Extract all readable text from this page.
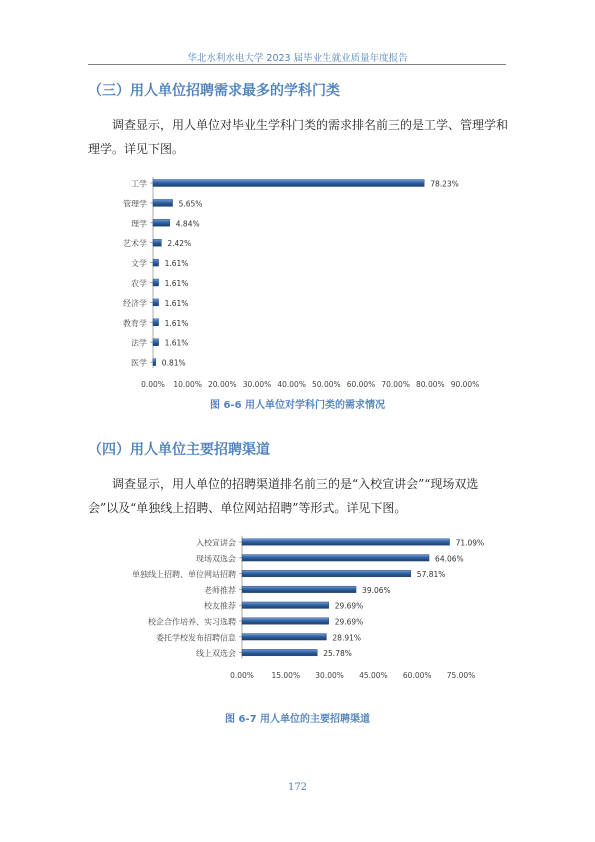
华北水利水电大学 2023 届毕业生就业质量年度报告
（三）用人单位招聘需求最多的学科门类
调查显示，用人单位对毕业生学科门类的需求排名前三的是工学、管理学和理学。详见下图。
工学	78.23%
管理学	5.65%
理学	4.84%
艺术学	2.42%
文学 1.61%
农学 1.61%
经济学 1.61%
教育学 1.61%
法学 1.61%
医学 0.81%
0.00% 10.00% 20.00% 30.00% 40.00% 50.00% 60.00% 70.00% 80.00% 90.00%
图 6-6 用人单位对学科门类的需求情况
（四）用人单位主要招聘渠道
调查显示，用人单位的招聘渠道排名前三的是“入校宣讲会”“现场双选会”以及“单独线上招聘、单位网站招聘”等形式。详见下图。
入校宣讲会	71.09%
现场双选会	64.06%
单独线上招聘、单位网站招聘	57.81%
老师推荐	39.06%
校友推荐	29.69%
校企合作培养、实习选聘	29.69%
委托学校发布招聘信息	28.91%
线上双选会	25.78%
0.00% 15.00% 30.00% 45.00% 60.00% 75.00%
图 6-7 用人单位的主要招聘渠道
172
